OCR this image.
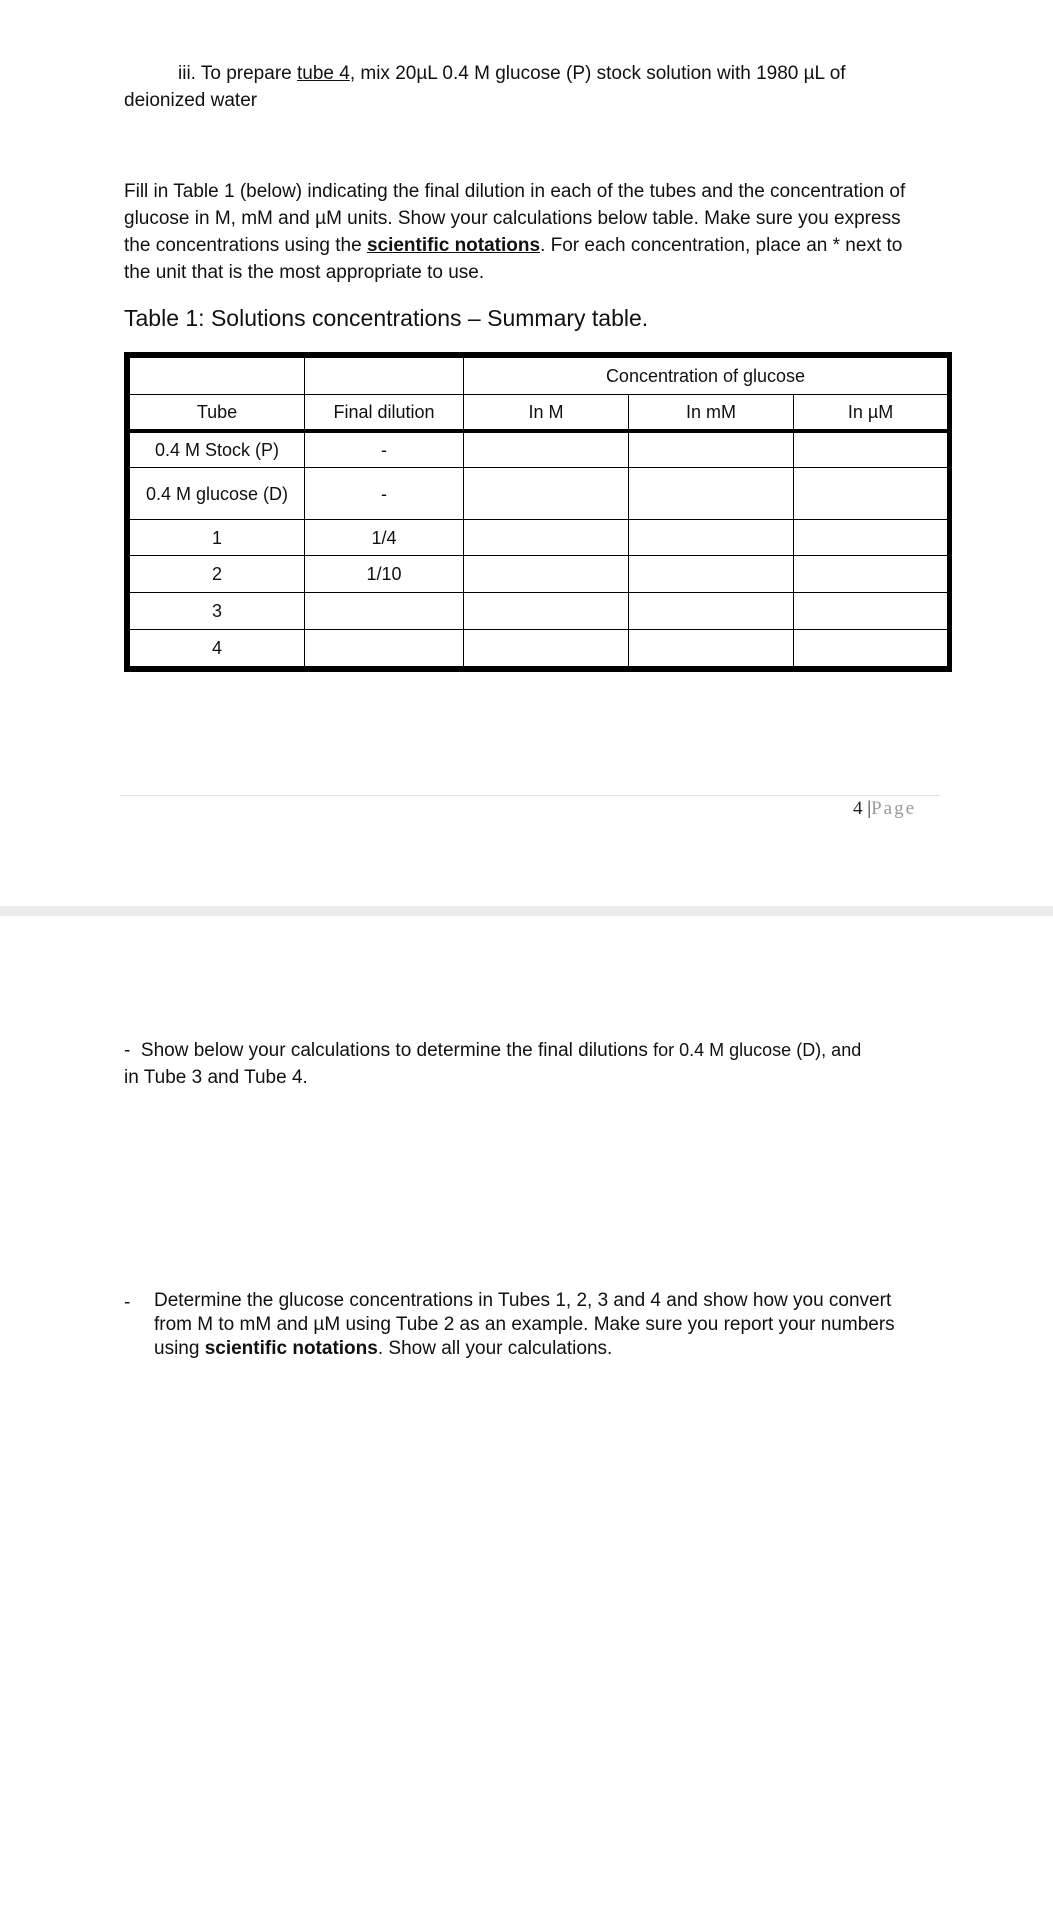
iii. To prepare tube 4, mix 20µL 0.4 M glucose (P) stock solution with 1980 µL of
deionized water
Fill in Table 1 (below) indicating the final dilution in each of the tubes and the concentration of glucose in M, mM and µM units. Show your calculations below table. Make sure you express the concentrations using the scientific notations. For each concentration, place an * next to the unit that is the most appropriate to use.
Table 1: Solutions concentrations – Summary table.
		Concentration of glucose		
Tube	Final dilution	In M	In mM	In µM
0.4 M Stock (P)	-			
0.4 M glucose (D)	-			
1	1/4			
2	1/10			
3				
4				
4 |Page
- Show below your calculations to determine the final dilutions for 0.4 M glucose (D), and
in Tube 3 and Tube 4.
- Determine the glucose concentrations in Tubes 1, 2, 3 and 4 and show how you convert from M to mM and µM using Tube 2 as an example. Make sure you report your numbers using scientific notations. Show all your calculations.
